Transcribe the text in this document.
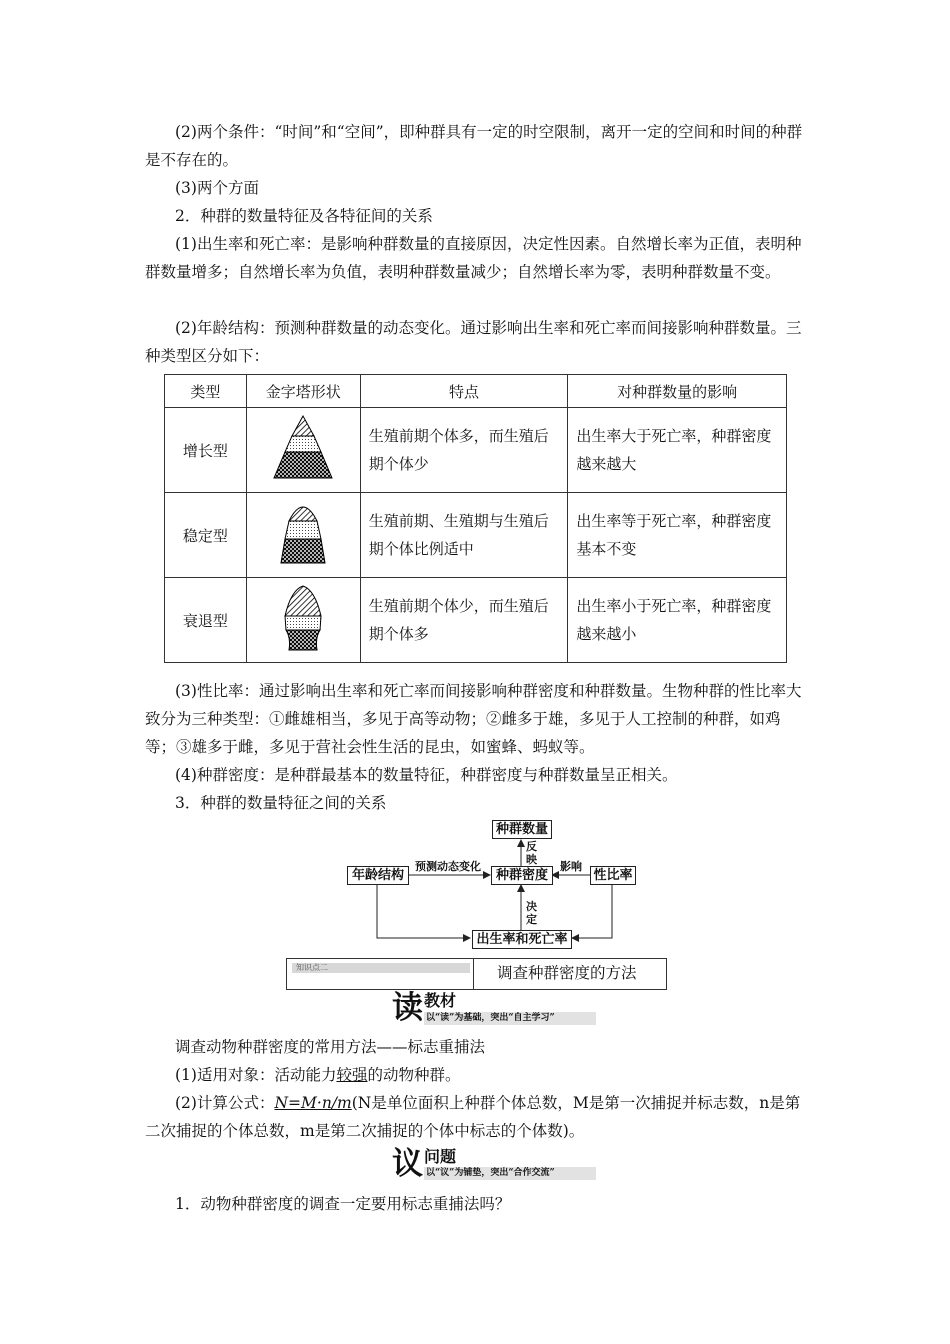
(2)两个条件：“时间”和“空间”，即种群具有一定的时空限制，离开一定的空间和时间的种群是不存在的。

(3)两个方面

2．种群的数量特征及各特征间的关系

(1)出生率和死亡率：是影响种群数量的直接原因，决定性因素。自然增长率为正值，表明种群数量增多；自然增长率为负值，表明种群数量减少；自然增长率为零，表明种群数量不变。

(2)年龄结构：预测种群数量的动态变化。通过影响出生率和死亡率而间接影响种群数量。三种类型区分如下：

类型	金字塔形状	特点	对种群数量的影响
增长型		生殖前期个体多，而生殖后期个体少	出生率大于死亡率，种群密度越来越大
稳定型		生殖前期、生殖期与生殖后期个体比例适中	出生率等于死亡率，种群密度基本不变
衰退型		生殖前期个体少，而生殖后期个体多	出生率小于死亡率，种群密度越来越小

(3)性比率：通过影响出生率和死亡率而间接影响种群密度和种群数量。生物种群的性比率大致分为三种类型：①雌雄相当，多见于高等动物；②雌多于雄，多见于人工控制的种群，如鸡等；③雄多于雌，多见于营社会性生活的昆虫，如蜜蜂、蚂蚁等。

(4)种群密度：是种群最基本的数量特征，种群密度与种群数量呈正相关。

3．种群的数量特征之间的关系

种群数量
种群密度
年龄结构	性比率
出生率和死亡率
预测动态变化
反映
影响
决定
知识点二	调查种群密度的方法
读 教材
以“读”为基础，突出“自主学习”
调查动物种群密度的常用方法——标志重捕法
(1)适用对象：活动能力较强的动物种群。

(2)计算公式：N=M·n/m(N是单位面积上种群个体总数，M是第一次捕捉并标志数，n是第二次捕捉的个体总数，m是第二次捕捉的个体中标志的个体数)。

议 问题
以“议”为铺垫，突出“合作交流”
1．动物种群密度的调查一定要用标志重捕法吗？
